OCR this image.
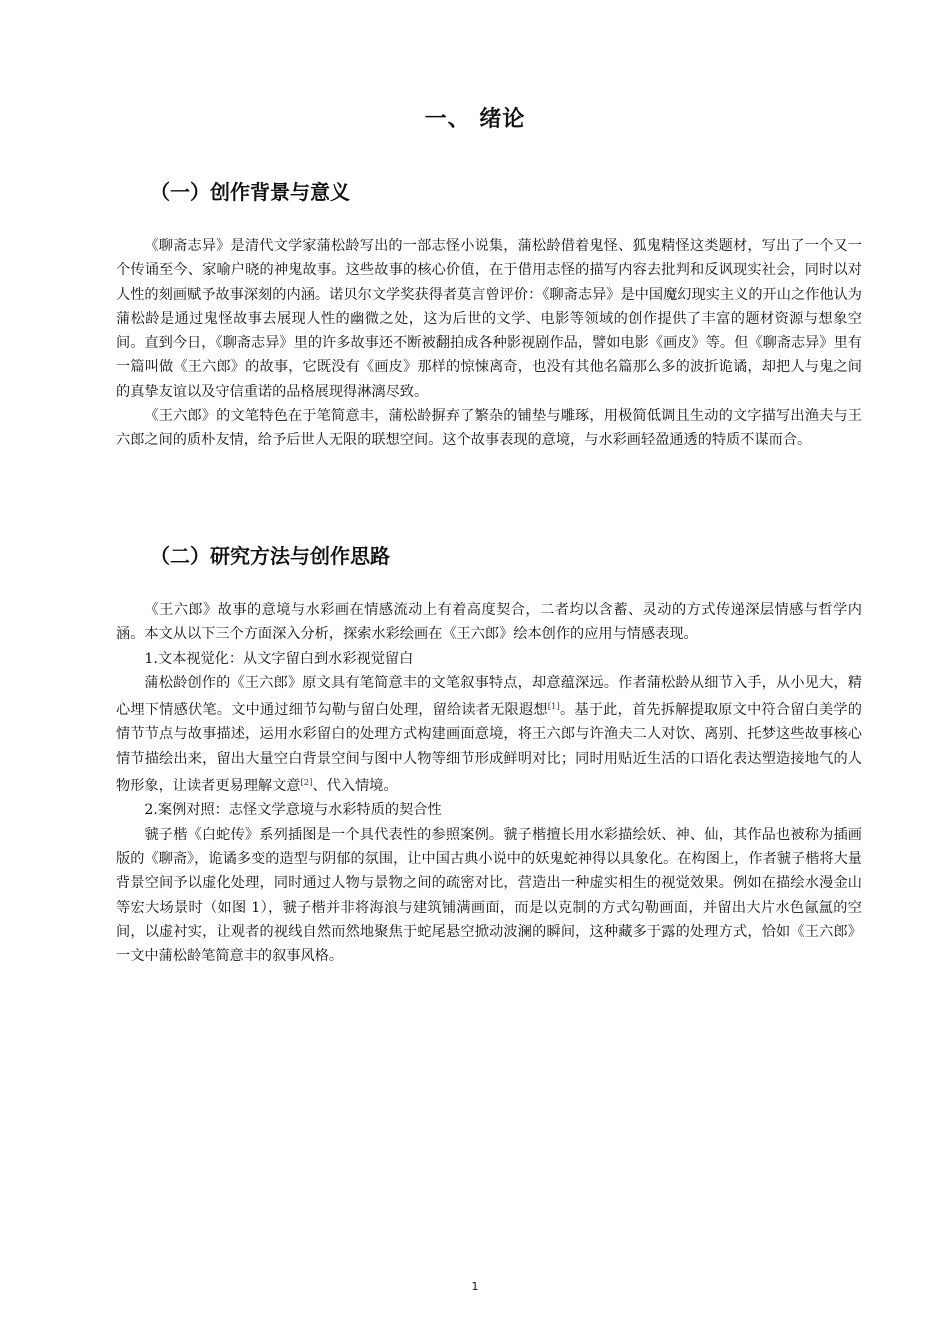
一、 绪论
（一）创作背景与意义

《聊斋志异》是清代文学家蒲松龄写出的一部志怪小说集，蒲松龄借着鬼怪、狐鬼精怪这类题材，写出了一个又一个传诵至今、家喻户晓的神鬼故事。这些故事的核心价值，在于借用志怪的描写内容去批判和反讽现实社会，同时以对人性的刻画赋予故事深刻的内涵。诺贝尔文学奖获得者莫言曾评价：《聊斋志异》是中国魔幻现实主义的开山之作他认为蒲松龄是通过鬼怪故事去展现人性的幽微之处，这为后世的文学、电影等领域的创作提供了丰富的题材资源与想象空间。直到今日，《聊斋志异》里的许多故事还不断被翻拍成各种影视剧作品，譬如电影《画皮》等。但《聊斋志异》里有一篇叫做《王六郎》的故事，它既没有《画皮》那样的惊悚离奇，也没有其他名篇那么多的波折诡谲，却把人与鬼之间的真挚友谊以及守信重诺的品格展现得淋漓尽致。

《王六郎》的文笔特色在于笔简意丰，蒲松龄摒弃了繁杂的铺垫与雕琢，用极简低调且生动的文字描写出渔夫与王六郎之间的质朴友情，给予后世人无限的联想空间。这个故事表现的意境，与水彩画轻盈通透的特质不谋而合。

（二）研究方法与创作思路

《王六郎》故事的意境与水彩画在情感流动上有着高度契合，二者均以含蓄、灵动的方式传递深层情感与哲学内涵。本文从以下三个方面深入分析，探索水彩绘画在《王六郎》绘本创作的应用与情感表现。

1.文本视觉化：从文字留白到水彩视觉留白

蒲松龄创作的《王六郎》原文具有笔简意丰的文笔叙事特点，却意蕴深远。作者蒲松龄从细节入手，从小见大，精心埋下情感伏笔。文中通过细节勾勒与留白处理，留给读者无限遐想[1]。基于此，首先拆解提取原文中符合留白美学的情节节点与故事描述，运用水彩留白的处理方式构建画面意境，将王六郎与许渔夫二人对饮、离别、托梦这些故事核心情节描绘出来，留出大量空白背景空间与图中人物等细节形成鲜明对比；同时用贴近生活的口语化表达塑造接地气的人物形象，让读者更易理解文意[2]、代入情境。

2.案例对照：志怪文学意境与水彩特质的契合性

虢子楷《白蛇传》系列插图是一个具代表性的参照案例。虢子楷擅长用水彩描绘妖、神、仙，其作品也被称为插画版的《聊斋》，诡谲多变的造型与阴郁的氛围，让中国古典小说中的妖鬼蛇神得以具象化。在构图上，作者虢子楷将大量背景空间予以虚化处理，同时通过人物与景物之间的疏密对比，营造出一种虚实相生的视觉效果。例如在描绘水漫金山等宏大场景时（如图 1），虢子楷并非将海浪与建筑铺满画面，而是以克制的方式勾勒画面，并留出大片水色氤氲的空间，以虚衬实，让观者的视线自然而然地聚焦于蛇尾悬空掀动波澜的瞬间，这种藏多于露的处理方式，恰如《王六郎》一文中蒲松龄笔简意丰的叙事风格。

1
